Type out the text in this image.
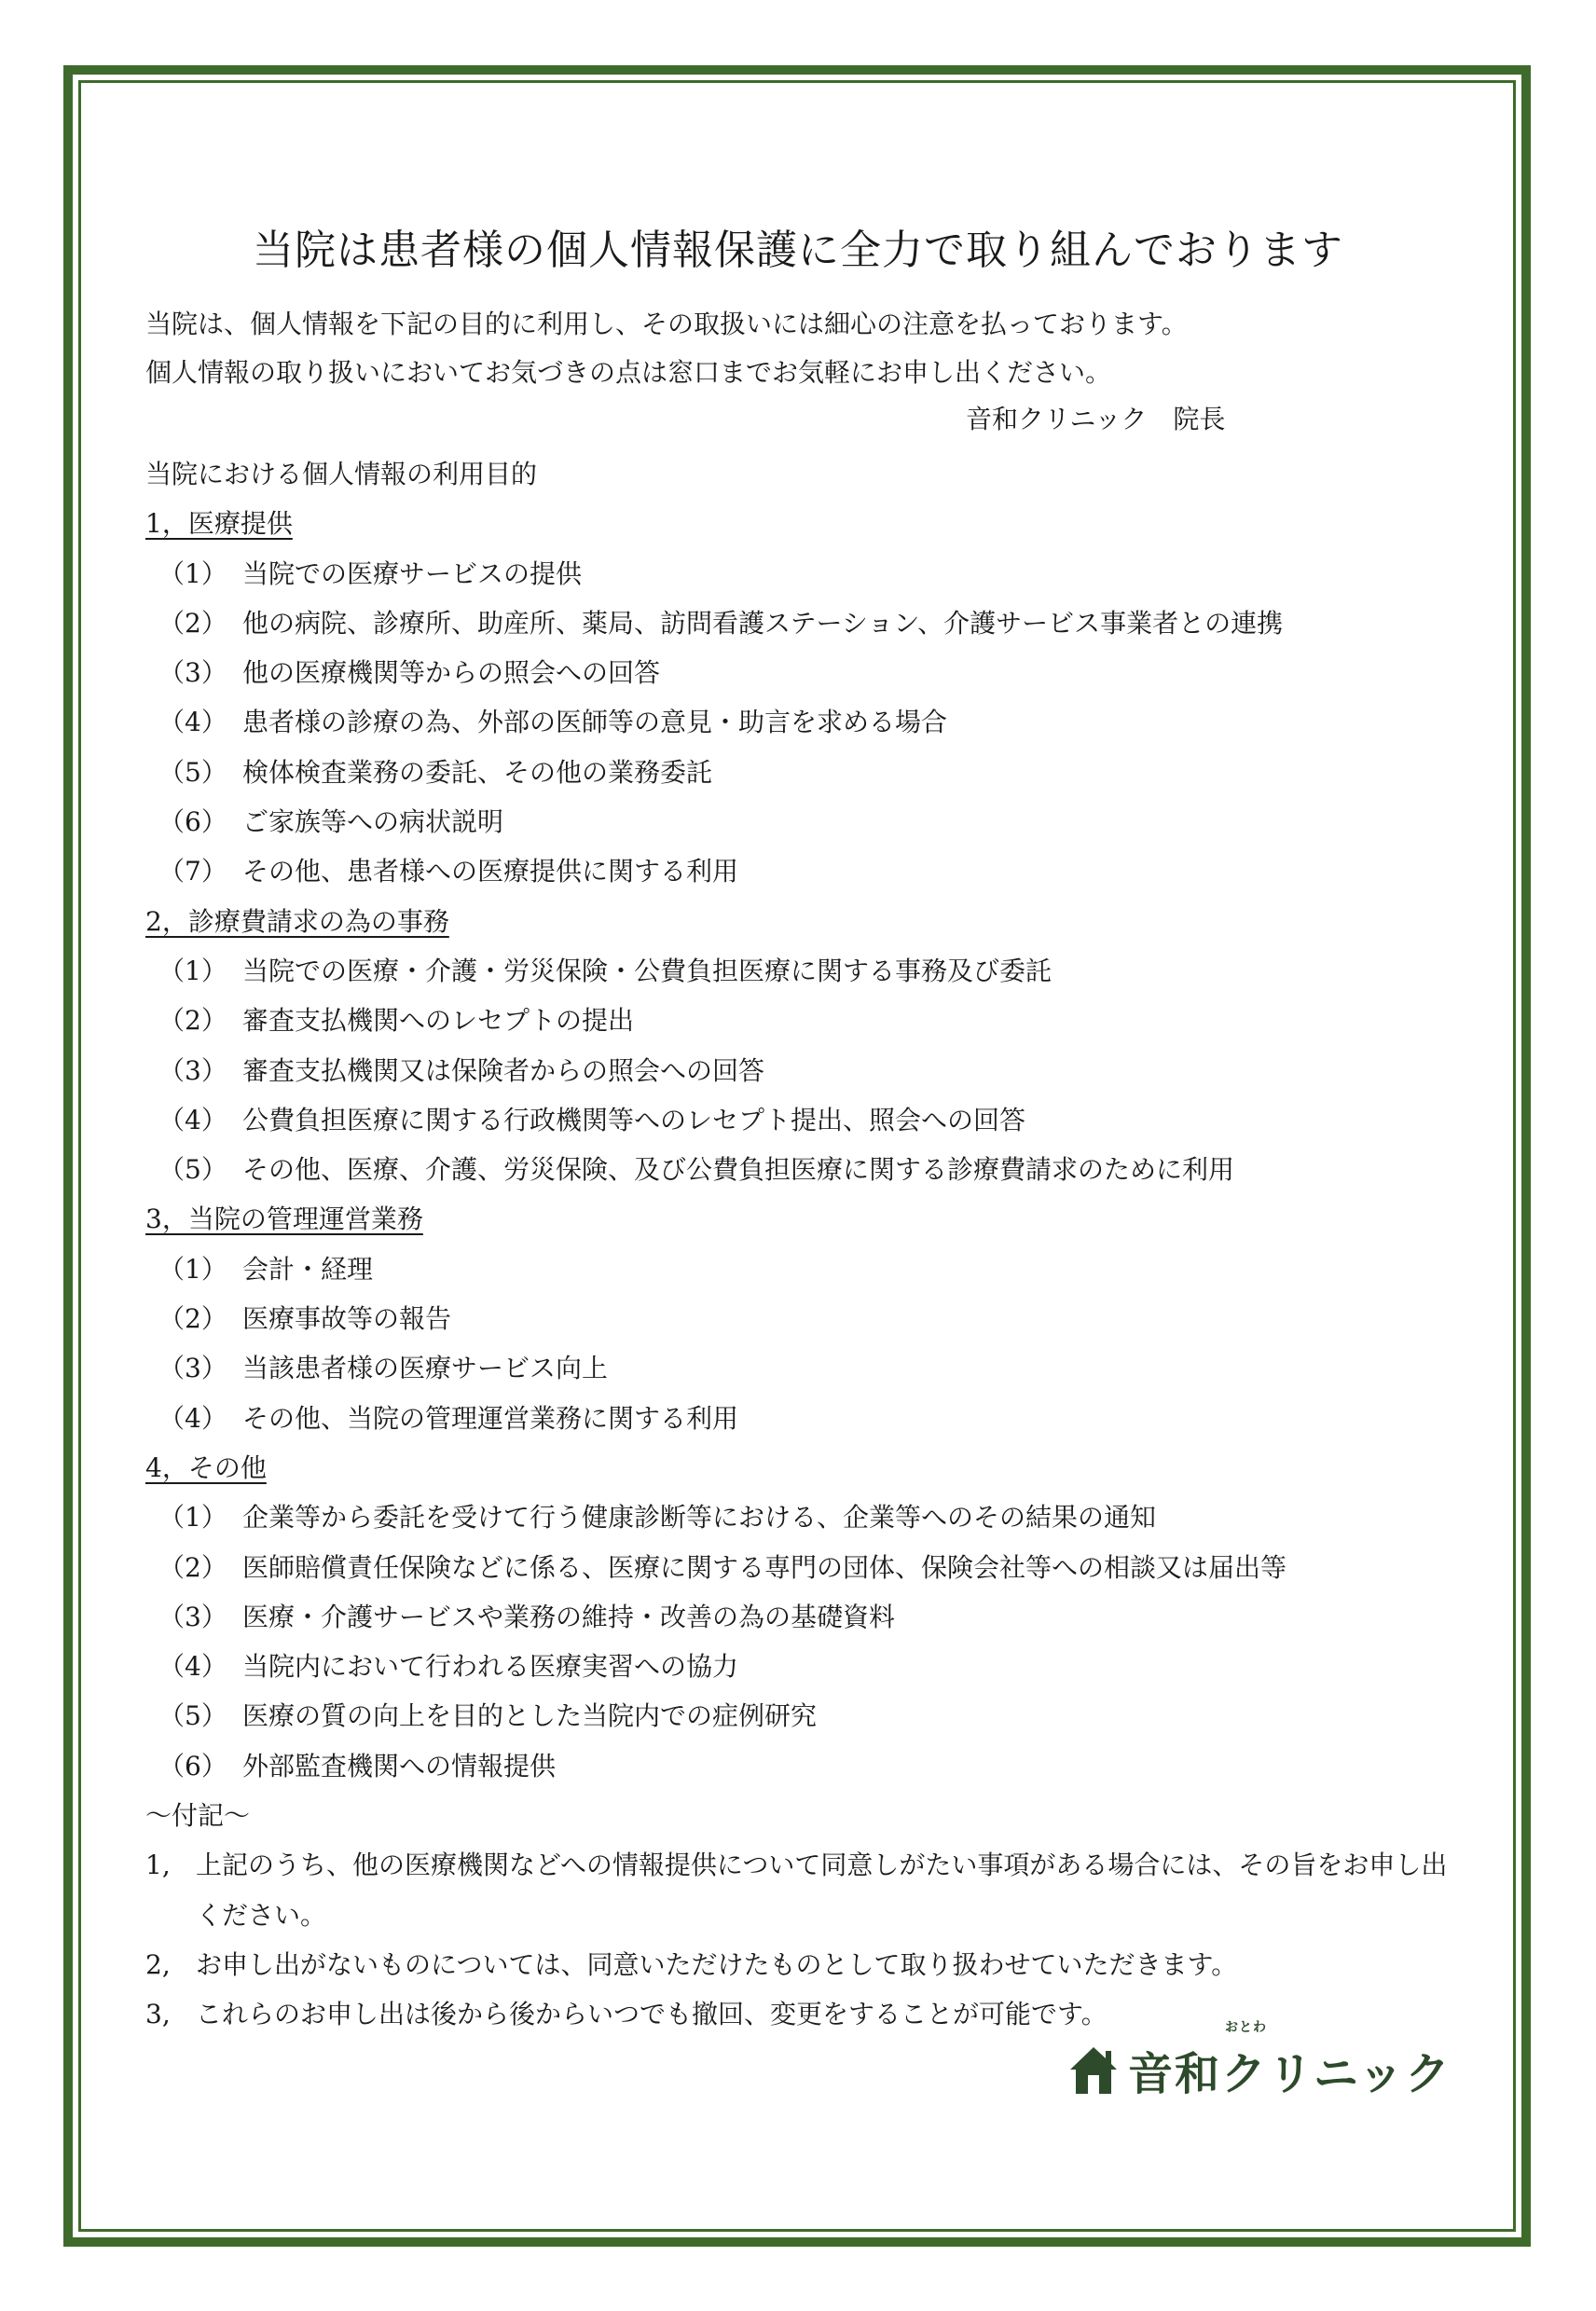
当院は患者様の個人情報保護に全力で取り組んでおります

当院は、個人情報を下記の目的に利用し、その取扱いには細心の注意を払っております。

個人情報の取り扱いにおいてお気づきの点は窓口までお気軽にお申し出ください。

音和クリニック　院長
当院における個人情報の利用目的
1，医療提供
（1） 当院での医療サービスの提供
（2） 他の病院、診療所、助産所、薬局、訪問看護ステーション、介護サービス事業者との連携
（3） 他の医療機関等からの照会への回答
（4） 患者様の診療の為、外部の医師等の意見・助言を求める場合
（5） 検体検査業務の委託、その他の業務委託
（6） ご家族等への病状説明
（7） その他、患者様への医療提供に関する利用
2，診療費請求の為の事務
（1） 当院での医療・介護・労災保険・公費負担医療に関する事務及び委託
（2） 審査支払機関へのレセプトの提出
（3） 審査支払機関又は保険者からの照会への回答
（4） 公費負担医療に関する行政機関等へのレセプト提出、照会への回答
（5） その他、医療、介護、労災保険、及び公費負担医療に関する診療費請求のために利用
3，当院の管理運営業務
（1） 会計・経理
（2） 医療事故等の報告
（3） 当該患者様の医療サービス向上
（4） その他、当院の管理運営業務に関する利用
4，その他
（1） 企業等から委託を受けて行う健康診断等における、企業等へのその結果の通知
（2） 医師賠償責任保険などに係る、医療に関する専門の団体、保険会社等への相談又は届出等
（3） 医療・介護サービスや業務の維持・改善の為の基礎資料
（4） 当院内において行われる医療実習への協力
（5） 医療の質の向上を目的とした当院内での症例研究
（6） 外部監査機関への情報提供
～付記～
1, 上記のうち、他の医療機関などへの情報提供について同意しがたい事項がある場合には、その旨をお申し出ください。
2, お申し出がないものについては、同意いただけたものとして取り扱わせていただきます。
3, これらのお申し出は後から後からいつでも撤回、変更をすることが可能です。	おとわ
音和クリニック
